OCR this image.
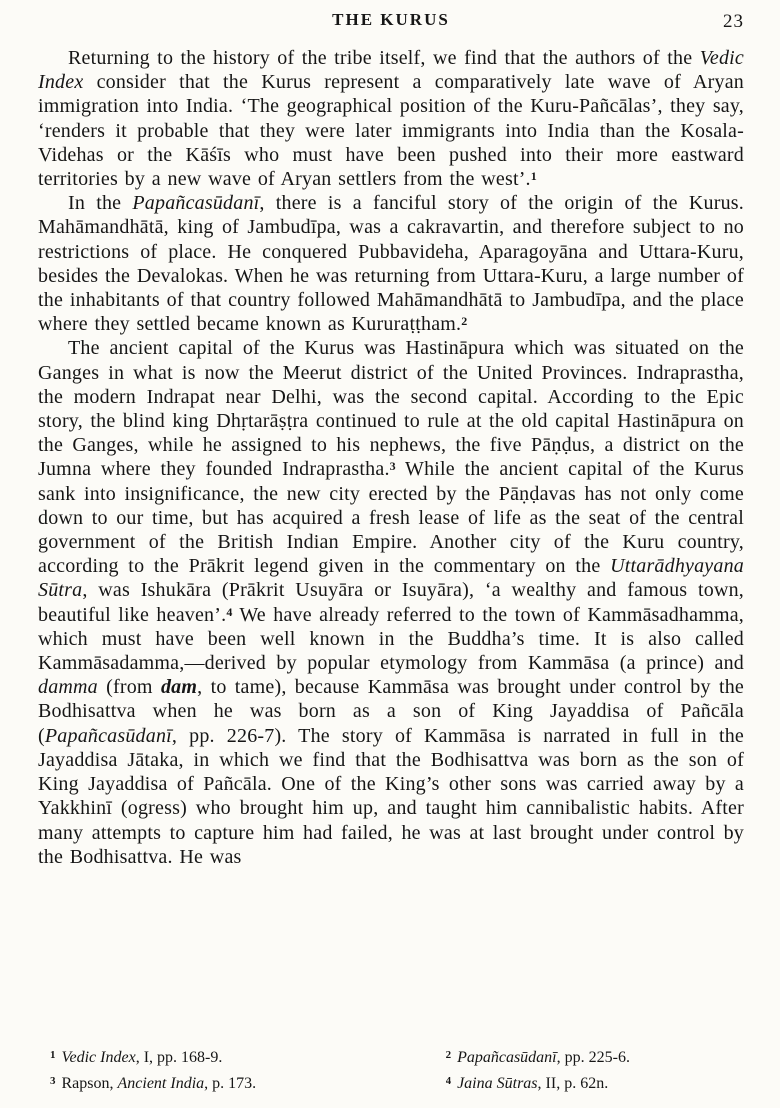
THE KURUS	23

Returning to the history of the tribe itself, we find that the authors of the Vedic Index consider that the Kurus represent a comparatively late wave of Aryan immigration into India. ‘The geographical position of the Kuru-Pañcālas’, they say, ‘renders it probable that they were later immigrants into India than the Kosala-Videhas or the Kāśīs who must have been pushed into their more eastward territories by a new wave of Aryan settlers from the west’.$^1$

In the Papañcasūdanī, there is a fanciful story of the origin of the Kurus. Mahāmandhātā, king of Jambudīpa, was a cakravartin, and therefore subject to no restrictions of place. He conquered Pubbavideha, Aparagoyāna and Uttara-Kuru, besides the Devalokas. When he was returning from Uttara-Kuru, a large number of the inhabitants of that country followed Mahāmandhātā to Jambudīpa, and the place where they settled became known as Kururaṭṭham.$^2$

The ancient capital of the Kurus was Hastināpura which was situated on the Ganges in what is now the Meerut district of the United Provinces. Indraprastha, the modern Indrapat near Delhi, was the second capital. According to the Epic story, the blind king Dhṛtarāṣṭra continued to rule at the old capital Hastināpura on the Ganges, while he assigned to his nephews, the five Pāṇḍus, a district on the Jumna where they founded Indraprastha.$^3$ While the ancient capital of the Kurus sank into insignificance, the new city erected by the Pāṇḍavas has not only come down to our time, but has acquired a fresh lease of life as the seat of the central government of the British Indian Empire. Another city of the Kuru country, according to the Prākrit legend given in the commentary on the Uttarādhyayana Sūtra, was Ishukāra (Prākrit Usuyāra or Isuyāra), ‘a wealthy and famous town, beautiful like heaven’.$^4$ We have already referred to the town of Kammāsadhamma, which must have been well known in the Buddha’s time. It is also called Kammāsadamma,—derived by popular etymology from Kammāsa (a prince) and damma (from dam, to tame), because Kammāsa was brought under control by the Bodhisattva when he was born as a son of King Jayaddisa of Pañcāla (Papañcasūdanī, pp. 226-7). The story of Kammāsa is narrated in full in the Jayaddisa Jātaka, in which we find that the Bodhisattva was born as the son of King Jayaddisa of Pañcāla. One of the King’s other sons was carried away by a Yakkhinī (ogress) who brought him up, and taught him cannibalistic habits. After many attempts to capture him had failed, he was at last brought under control by the Bodhisattva. He was

$^1$ Vedic Index, I, pp. 168-9.	$^2$ Papañcasūdanī, pp. 225-6.
$^3$ Rapson, Ancient India, p. 173.	$^4$ Jaina Sūtras, II, p. 62n.
